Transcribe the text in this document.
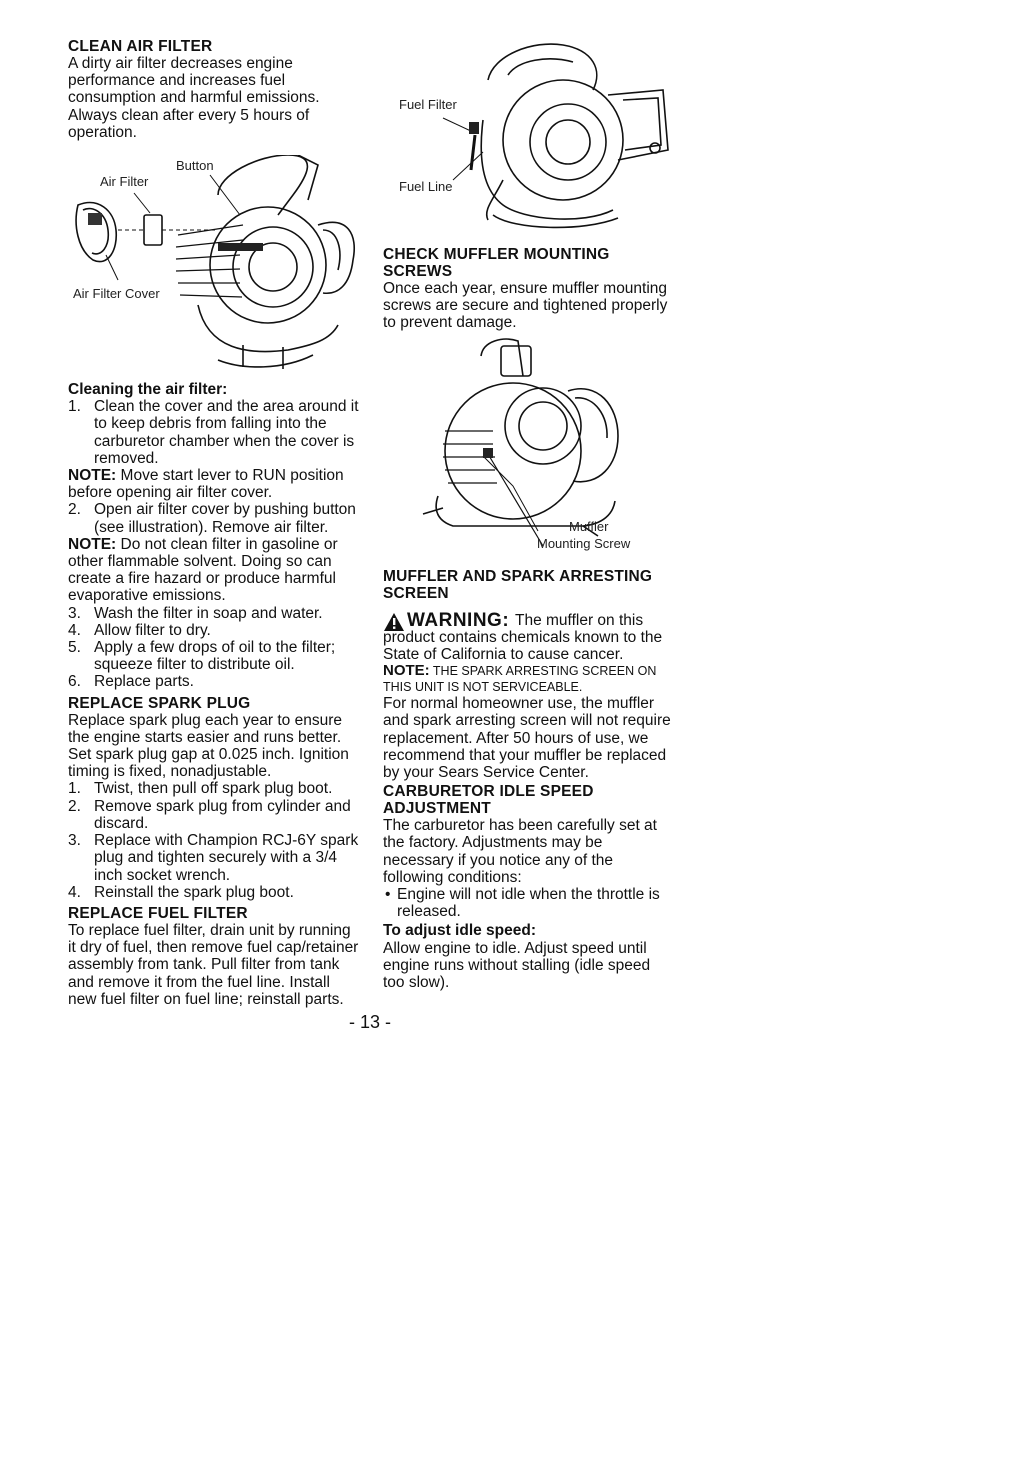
CLEAN AIR FILTER

A dirty air filter decreases engine performance and increases fuel consumption and harmful emissions. Always clean after every 5 hours of operation.

Button
Air Filter
Air Filter Cover

Cleaning the air filter:

1. Clean the cover and the area around it to keep debris from falling into the carburetor chamber when the cover is removed.

NOTE: Move start lever to RUN position before opening air filter cover.

2. Open air filter cover by pushing button (see illustration). Remove air filter.

NOTE: Do not clean filter in gasoline or other flammable solvent. Doing so can create a fire hazard or produce harmful evaporative emissions.

3. Wash the filter in soap and water.
4. Allow filter to dry.
5. Apply a few drops of oil to the filter; squeeze filter to distribute oil.
6. Replace parts.
REPLACE SPARK PLUG

Replace spark plug each year to ensure the engine starts easier and runs better. Set spark plug gap at 0.025 inch. Ignition timing is fixed, nonadjustable.

1. Twist, then pull off spark plug boot.
2. Remove spark plug from cylinder and discard.
3. Replace with Champion RCJ-6Y spark plug and tighten securely with a 3/4 inch socket wrench.
4. Reinstall the spark plug boot.
REPLACE FUEL FILTER

To replace fuel filter, drain unit by running it dry of fuel, then remove fuel cap/retainer assembly from tank. Pull filter from tank and remove it from the fuel line. Install new fuel filter on fuel line; reinstall parts.

Fuel Filter
Fuel Line
CHECK MUFFLER MOUNTING
SCREWS

Once each year, ensure muffler mounting screws are secure and tightened properly to prevent damage.

Muffler
Mounting Screw
MUFFLER AND SPARK ARRESTING
SCREEN
WARNING: The muffler on this product contains chemicals known to the State of California to cause cancer.

NOTE: THE SPARK ARRESTING SCREEN ON THIS UNIT IS NOT SERVICEABLE.

For normal homeowner use, the muffler and spark arresting screen will not require replacement. After 50 hours of use, we recommend that your muffler be replaced by your Sears Service Center.

CARBURETOR IDLE SPEED
ADJUSTMENT

The carburetor has been carefully set at the factory. Adjustments may be necessary if you notice any of the following conditions:

• Engine will not idle when the throttle is released.

To adjust idle speed:

Allow engine to idle. Adjust speed until engine runs without stalling (idle speed too slow).

- 13 -
